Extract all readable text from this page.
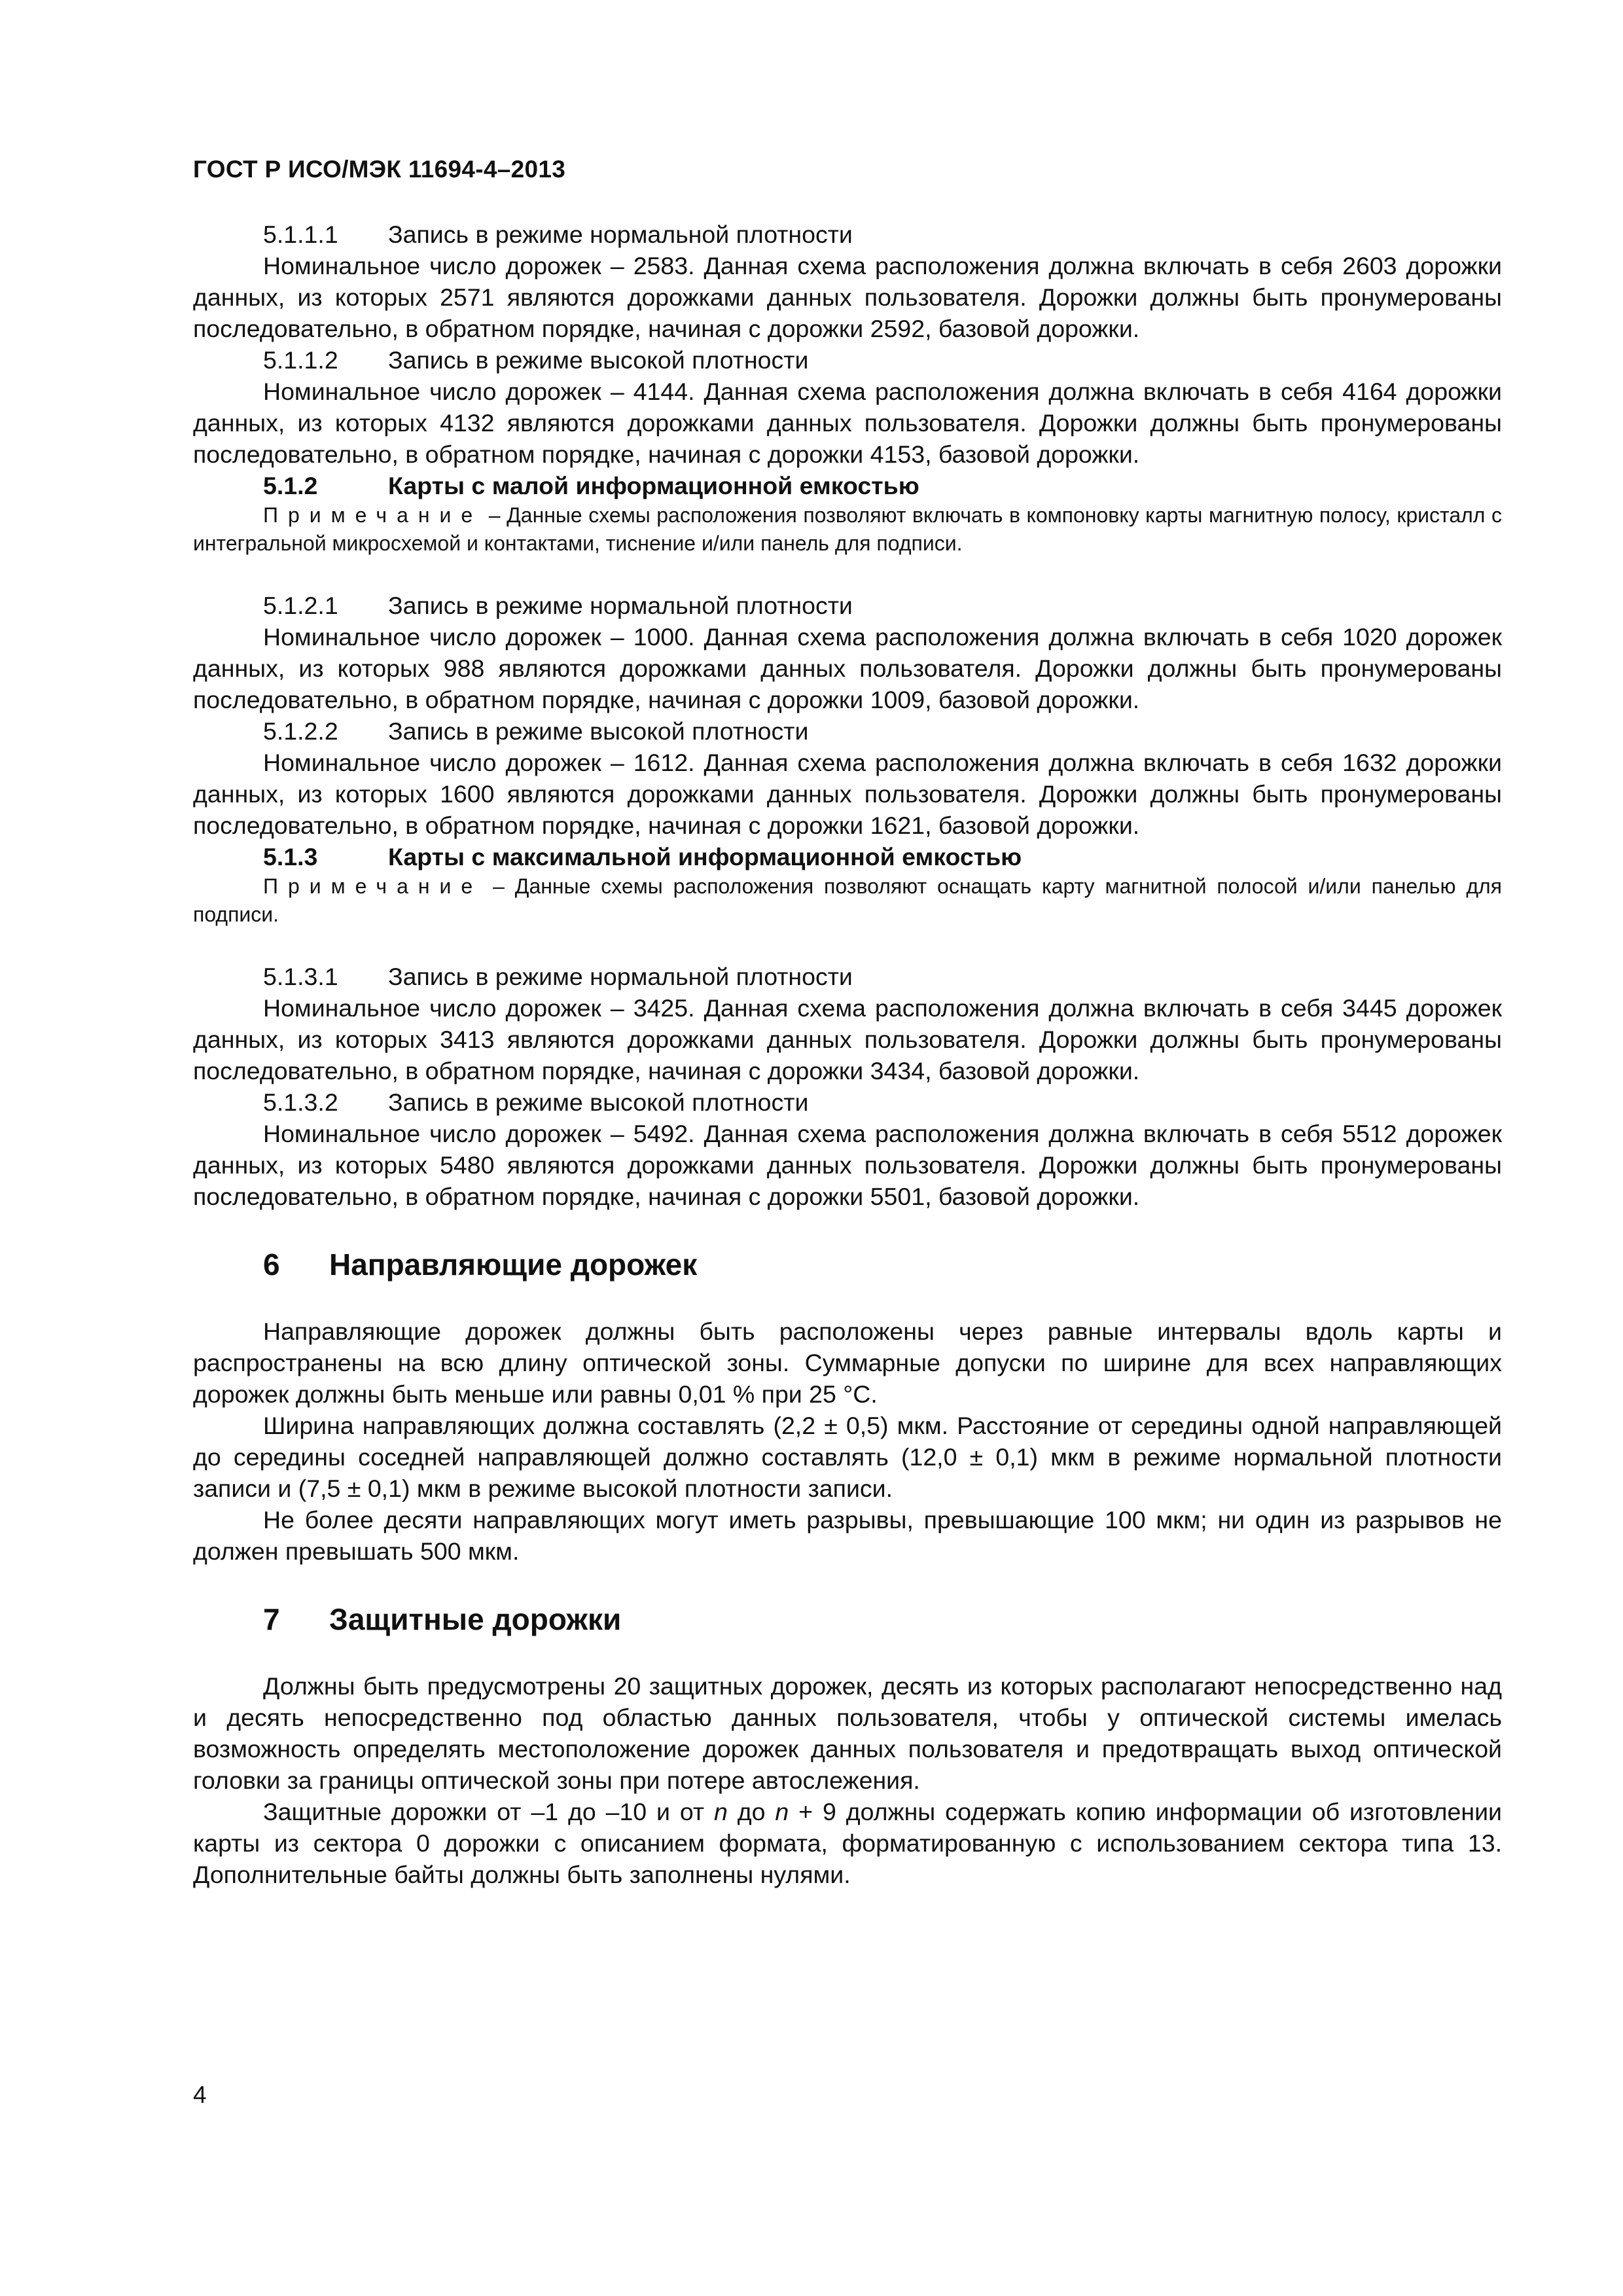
ГОСТ Р ИСО/МЭК 11694-4–2013
5.1.1.1 Запись в режиме нормальной плотности

Номинальное число дорожек – 2583. Данная схема расположения должна включать в себя 2603 дорожки данных, из которых 2571 являются дорожками данных пользователя. Дорожки должны быть пронумерованы последовательно, в обратном порядке, начиная с дорожки 2592, базовой дорожки.

5.1.1.2 Запись в режиме высокой плотности

Номинальное число дорожек – 4144. Данная схема расположения должна включать в себя 4164 дорожки данных, из которых 4132 являются дорожками данных пользователя. Дорожки должны быть пронумерованы последовательно, в обратном порядке, начиная с дорожки 4153, базовой дорожки.

5.1.2	Карты с малой информационной емкостью
Примечание – Данные схемы расположения позволяют включать в компоновку карты магнитную полосу, кристалл с интегральной микросхемой и контактами, тиснение и/или панель для подписи.
5.1.2.1 Запись в режиме нормальной плотности

Номинальное число дорожек – 1000. Данная схема расположения должна включать в себя 1020 дорожек данных, из которых 988 являются дорожками данных пользователя. Дорожки должны быть пронумерованы последовательно, в обратном порядке, начиная с дорожки 1009, базовой дорожки.

5.1.2.2 Запись в режиме высокой плотности

Номинальное число дорожек – 1612. Данная схема расположения должна включать в себя 1632 дорожки данных, из которых 1600 являются дорожками данных пользователя. Дорожки должны быть пронумерованы последовательно, в обратном порядке, начиная с дорожки 1621, базовой дорожки.

5.1.3	Карты с максимальной информационной емкостью
Примечание – Данные схемы расположения позволяют оснащать карту магнитной полосой и/или панелью для подписи.
5.1.3.1 Запись в режиме нормальной плотности

Номинальное число дорожек – 3425. Данная схема расположения должна включать в себя 3445 дорожек данных, из которых 3413 являются дорожками данных пользователя. Дорожки должны быть пронумерованы последовательно, в обратном порядке, начиная с дорожки 3434, базовой дорожки.

5.1.3.2 Запись в режиме высокой плотности

Номинальное число дорожек – 5492. Данная схема расположения должна включать в себя 5512 дорожек данных, из которых 5480 являются дорожками данных пользователя. Дорожки должны быть пронумерованы последовательно, в обратном порядке, начиная с дорожки 5501, базовой дорожки.

6 Направляющие дорожек

Направляющие дорожек должны быть расположены через равные интервалы вдоль карты и распространены на всю длину оптической зоны. Суммарные допуски по ширине для всех направляющих дорожек должны быть меньше или равны 0,01 % при 25 °С.

Ширина направляющих должна составлять (2,2 ± 0,5) мкм. Расстояние от середины одной направляющей до середины соседней направляющей должно составлять (12,0 ± 0,1) мкм в режиме нормальной плотности записи и (7,5 ± 0,1) мкм в режиме высокой плотности записи.

Не более десяти направляющих могут иметь разрывы, превышающие 100 мкм; ни один из разрывов не должен превышать 500 мкм.

7 Защитные дорожки

Должны быть предусмотрены 20 защитных дорожек, десять из которых располагают непосредственно над и десять непосредственно под областью данных пользователя, чтобы у оптической системы имелась возможность определять местоположение дорожек данных пользователя и предотвращать выход оптической головки за границы оптической зоны при потере автослежения.

Защитные дорожки от –1 до –10 и от n до n + 9 должны содержать копию информации об изготовлении карты из сектора 0 дорожки с описанием формата, форматированную с использованием сектора типа 13. Дополнительные байты должны быть заполнены нулями.

4
